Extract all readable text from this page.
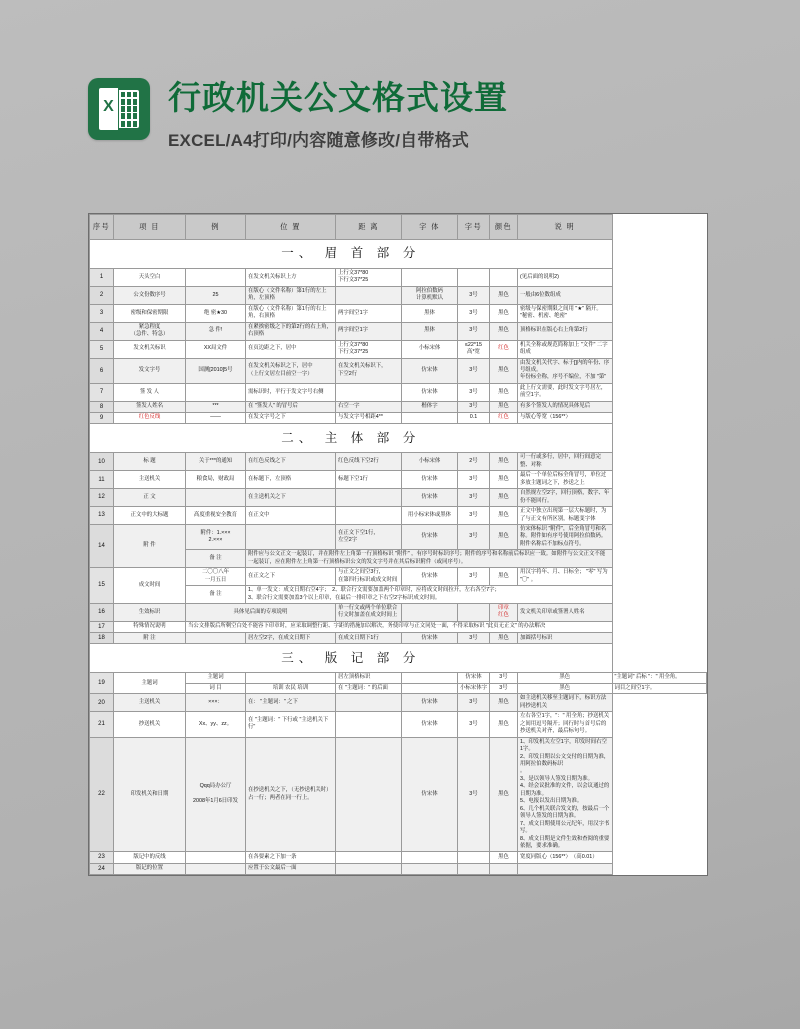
X 行政机关公文格式设置
EXCEL/A4打印/内容随意修改/自带格式
序号	项 目	例	位 置	距 离	字 体	字号	颜色	说 明	
一、 眉 首 部 分									
1	天头空白		在发文机关标识上方	上行文37*80
下行文37*25				(见后面的说明2)	
2	公文份数序号	25	在版心（文件名称）第1行的左上角，左顶格		阿拉伯数码
计算机默认	3号	黑色	一般由6位数组成	
3	密级和保密期限	绝 密★30	在版心（文件名称）第1行的右上角，右顶格	两字间空1字	黑体	3号	黑色	密级与保密期限之间用 "★" 隔开。
"秘密、机密、绝密"	
4	紧急程度
（急件、特急）	急 件!	在紧挨密级之下的第2行的右上角，右顶格	两字间空1字	黑体	3号	黑色	顶格标识在版心右上角第2行	
5	发文机关标识	XX局文件	在页边距之下，居中	上行文37*80
下行文37*25	小标宋体	≤22*15
高*宽	红色	机关全称或规范简称加上 "文件" 二字组成	
6	发文字号	国测[2010]5号	在发文机关标识之下，居中
（上行文居左目前空一字）	在发文机关标识下，
下空2行	仿宋体	3号	黑色	由发文机关代字、标于[]内的年份、序号组成。
年份标全称，序号不编位，不加 "第"	
7	签 发 人		需标识时，平行于发文字号右侧		仿宋体	3号	黑色	此上行文需要，此时发文字号居左，前空1字。	
8	签发人姓名	***	在 "签发人" 的冒号后	右空一字	楷体字	3号	黑色	有多个签发人的情况具体见后	
9	红色反线	——	在发文字号之下	与发文字号相距4**		0.1	红色	与版心等宽（156**）	
二、 主 体 部 分									
10	标 题	关于***的通知	在红色反线之下	红色反线下空2行	小标宋体	2号	黑色	可一行或多行，居中，回行间意完整、对称	
11	主送机关	粮食局，财政局	在标题下，左顶格	标题下空1行	仿宋体	3号	黑色	最后一个单位后标全角冒号，单位过多放主题词之下，抄送之上	
12	正 文		在主送机关之下		仿宋体	3号	黑色	自然规左空2字，回行顶格，数字、年份不能回行。	
13	正文中的大标题	高度重视安全教育	在正文中		用小标宋体或黑体	3号	黑色	正文中独立出现第一层大标题时，为了与正文有所区别，标题变字体	
14	附 件	附件：1.×××
2.×××		在正文下空1行，
左空2字	仿宋体	3号	黑色	仿宋体标识 "附件"，后全角冒号和名称。附件如有序号使用阿拉伯数码。附件名称后不加标点符号。	
		备 注	附件应与公文正文一起装订，并在附件左上角第一行顶格标识 "附件" ，有序号时标识序号；附件的序号和名称前后标识应一致。如附件与公文正文不能一起装订，应在附件左上角第一行顶格标识公文的发文字号并在其后标识附件（或同序号）。						
15	成文时间	二〇〇八年
一月五日	在正文之下	与正文之间空3行，
在第四行标识或成文时间	仿宋体	3号	黑色	用汉字将年、月、日标全； "零" 写为 "〇" 。	
		备 注	1、单一发文：成文日期右空4字；　2、联合行文需要加盖两个印章时，应将成文时间拉开，左右各空7字；
3、联合行文需要加盖3个以上印章，在最后一排印章之下右空2字标识成文时间。						
16	生效标识	具体见后面的专项说明		单一行文或两个单位联合行文时加盖在成文时间上			印章
红色	发文机关印章或签署人姓名	
17	特殊情况说明	当公文排版后所剩空白处不能容下印章时，应采取调整行距、字距的措施加以解决，务使印章与正文同处一面，不得采取标识 "此页无正文" 的办法解决							
18	附 注		居左空2字，在成文日期下	在成文日期下1行	仿宋体	3号	黑色	加圆括号标识	
三、 版 记 部 分									
19	主题词	主题词		居左顶格标识		仿宋体	3号	黑色	"主题词" 后标 "：" 用全角。
		词 目	培训 农民 培训	在 "主题词：" 的后面		小标宋体字	3号	黑色	词目之间空1字。
20	主送机关	×××：	在： "主题词：" 之下		仿宋体	3号	黑色	如主送机关移至主题词下，标识方法同抄送机关	
21	抄送机关	Xx、yy、zz。	在 "主题词：" 下行或 "主送机关下行"		仿宋体	3号	黑色	左右各空1字，"：" 用全角；抄送机关之间用逗号隔开；回行时与首号后的抄送机关对齐，最后标句号。	
22	印发机关和日期	Qqq局办公厅

2008年1月6日印发	在抄送机关之下，（无抄送机关时）占一行；两者在同一行上。		仿宋体	3号	黑色	1、印发机关左空1字，印发时间右空1字。
2、印发日期以公文交付的日期为准，用阿拉伯数码标识
。
3、是以领导人签发日期为准。
4、经会议批准的文件，以会议通过的日期为准。
5、电报以发出日期为准。
6、几个机关联合发文的，按最后一个领导人签发的日期为准。
7、成文日期使用公元纪年，用汉字书写。
8、成文日期是文件生效和查阅的重要依据，要求准确。
23	版记中的反线		在各要素之下加一条				黑色	宽度同版心（156**）　（高0.01）	
24	版记的位置		应置于公文最后一面						
